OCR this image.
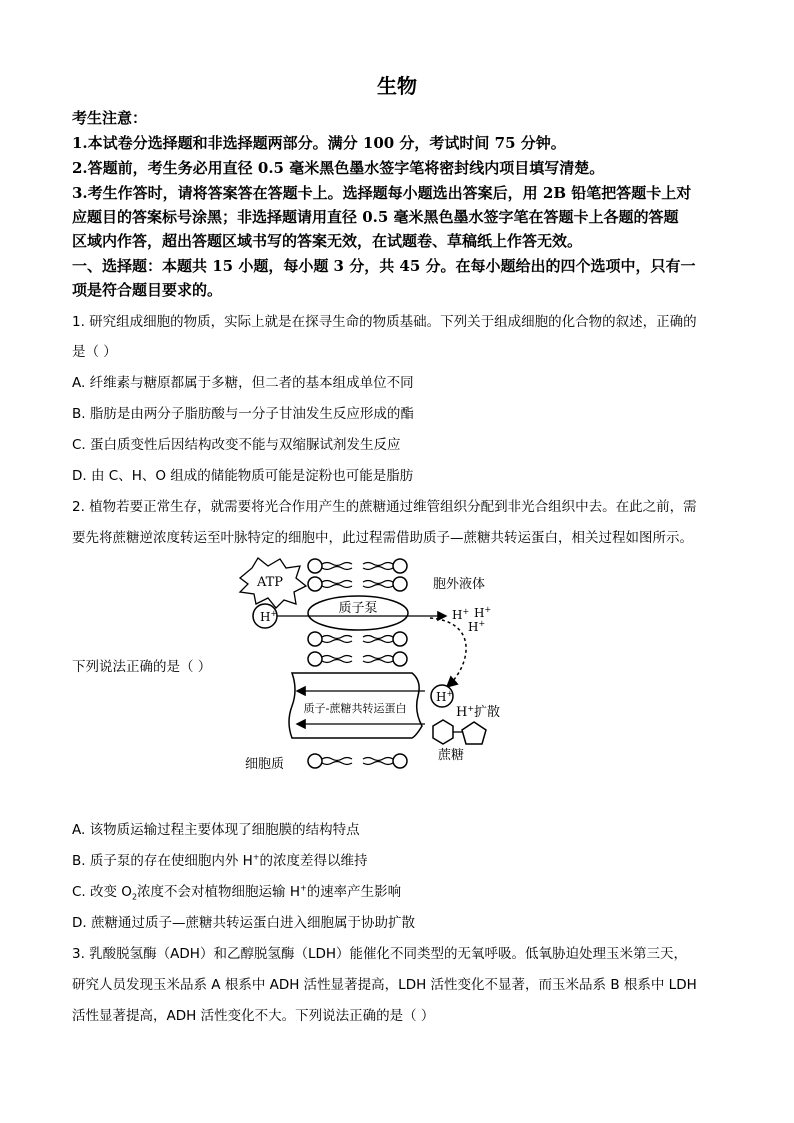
生物
考生注意：
1.本试卷分选择题和非选择题两部分。满分 100 分，考试时间 75 分钟。
2.答题前，考生务必用直径 0.5 毫米黑色墨水签字笔将密封线内项目填写清楚。
3.考生作答时，请将答案答在答题卡上。选择题每小题选出答案后，用 2B 铅笔把答题卡上对
应题目的答案标号涂黑；非选择题请用直径 0.5 毫米黑色墨水签字笔在答题卡上各题的答题
区域内作答，超出答题区域书写的答案无效，在试题卷、草稿纸上作答无效。
一、选择题：本题共 15 小题，每小题 3 分，共 45 分。在每小题给出的四个选项中，只有一
项是符合题目要求的。
1. 研究组成细胞的物质，实际上就是在探寻生命的物质基础。下列关于组成细胞的化合物的叙述，正确的
是（ ）
A. 纤维素与糖原都属于多糖，但二者的基本组成单位不同
B. 脂肪是由两分子脂肪酸与一分子甘油发生反应形成的酯
C. 蛋白质变性后因结构改变不能与双缩脲试剂发生反应
D. 由 C、H、O 组成的储能物质可能是淀粉也可能是脂肪
2. 植物若要正常生存，就需要将光合作用产生的蔗糖通过维管组织分配到非光合组织中去。在此之前，需
要先将蔗糖逆浓度转运至叶脉特定的细胞中，此过程需借助质子—蔗糖共转运蛋白，相关过程如图所示。
下列说法正确的是（ ）
质子泵
ATP
H+	H+ H+
H+
胞外液体
H+
H+扩散
质子-蔗糖共转运蛋白
蔗糖
细胞质
A. 该物质运输过程主要体现了细胞膜的结构特点
B. 质子泵的存在使细胞内外 H+的浓度差得以维持
C. 改变 $O_2$浓度不会对植物细胞运输 H+的速率产生影响
D. 蔗糖通过质子—蔗糖共转运蛋白进入细胞属于协助扩散
3. 乳酸脱氢酶（ADH）和乙醇脱氢酶（LDH）能催化不同类型的无氧呼吸。低氧胁迫处理玉米第三天，
研究人员发现玉米品系 A 根系中 ADH 活性显著提高，LDH 活性变化不显著，而玉米品系 B 根系中 LDH
活性显著提高，ADH 活性变化不大。下列说法正确的是（ ）
